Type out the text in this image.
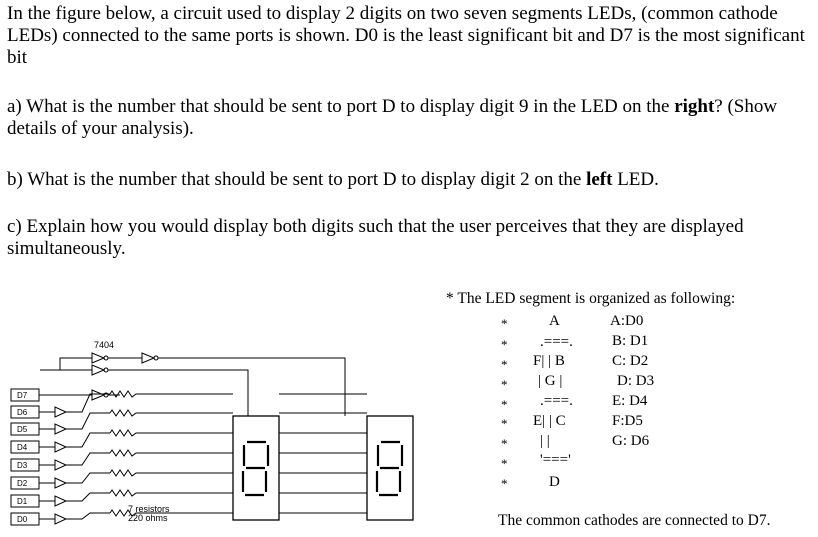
In the figure below, a circuit used to display 2 digits on two seven segments LEDs, (common cathode LEDs) connected to the same ports is shown. D0 is the least significant bit and D7 is the most significant bit

a) What is the number that should be sent to port D to display digit 9 in the LED on the right? (Show details of your analysis).

b) What is the number that should be sent to port D to display digit 2 on the left LED.

c) Explain how you would display both digits such that the user perceives that they are displayed simultaneously.

7404
D7
D6
D5
D4
D3
D2
D1
D0
7 resistors
220 ohms
* The LED segment is organized as following:
*
*
*
*
*
*
*
*
*
A
.===.
F| | B
| G |
.===.
E| | C
| |
'==='
D
A:D0
B: D1
C: D2
D: D3
E: D4
F:D5
G: D6
The common cathodes are connected to D7.
